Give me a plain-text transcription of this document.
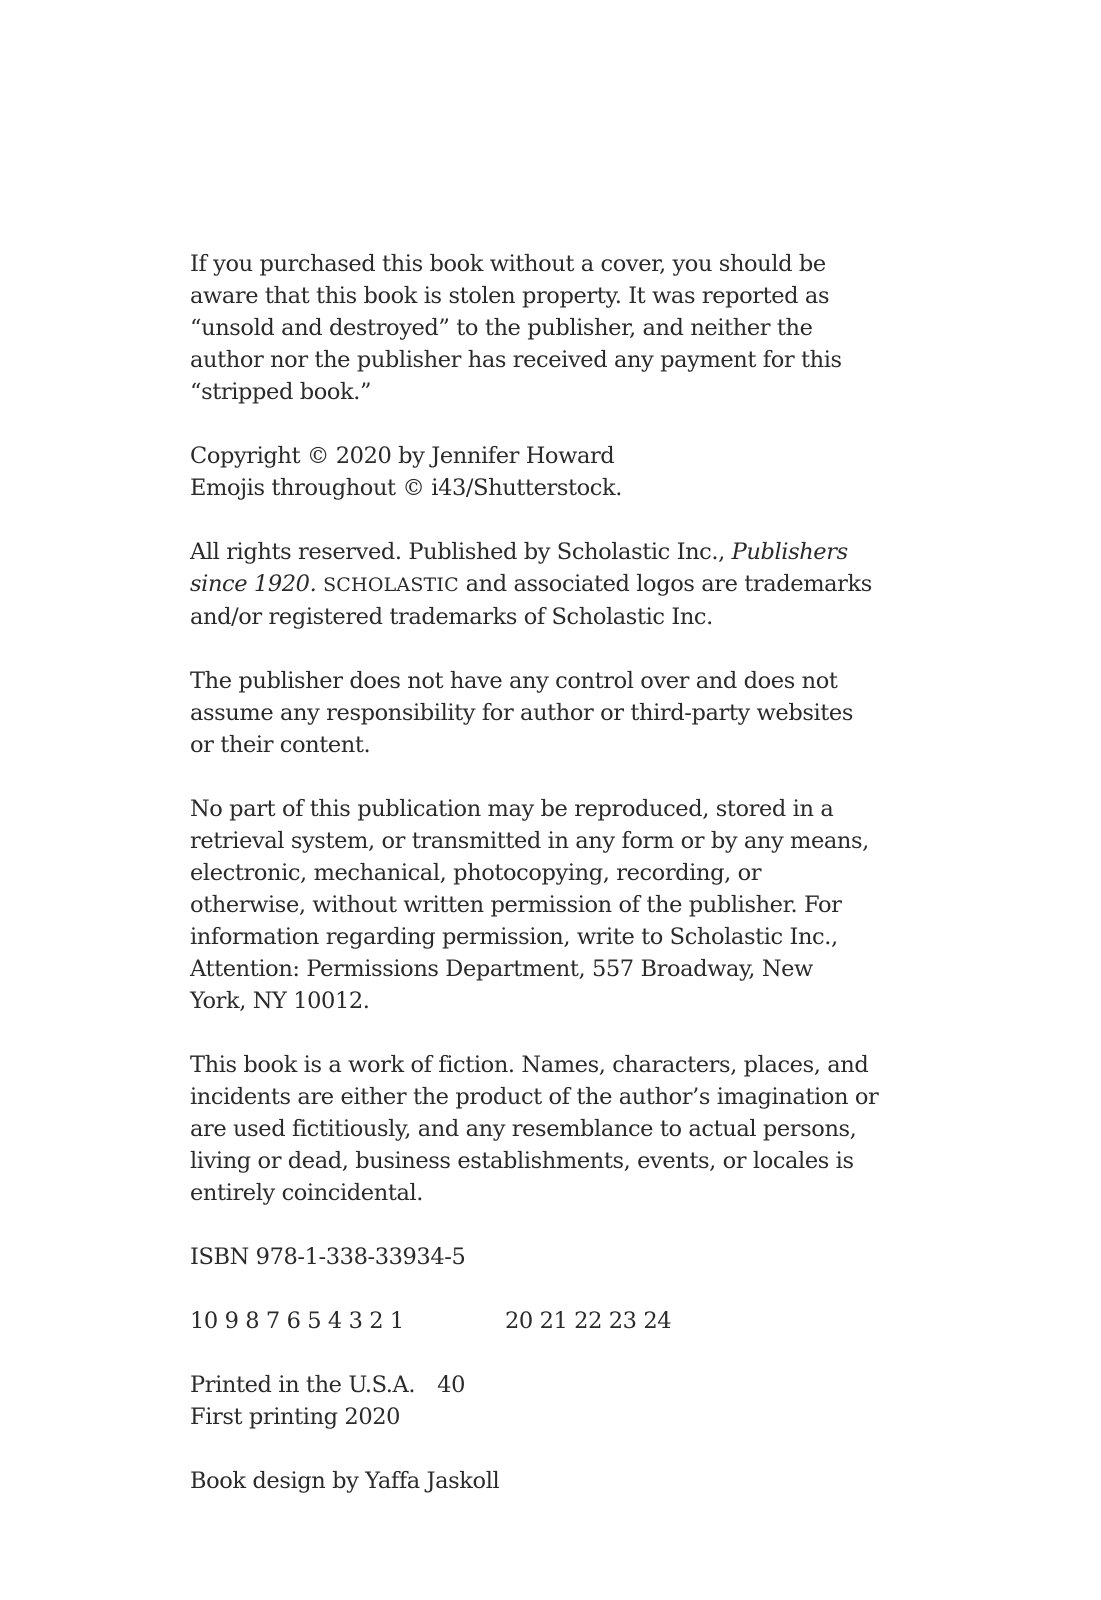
If you purchased this book without a cover, you should be
aware that this book is stolen property. It was reported as
“unsold and destroyed” to the publisher, and neither the
author nor the publisher has received any payment for this
“stripped book.”
Copyright © 2020 by Jennifer Howard
Emojis throughout © i43/Shutterstock.
All rights reserved. Published by Scholastic Inc., Publishers
since 1920. SCHOLASTIC and associated logos are trademarks
and/or registered trademarks of Scholastic Inc.
The publisher does not have any control over and does not
assume any responsibility for author or third-party websites
or their content.
No part of this publication may be reproduced, stored in a
retrieval system, or transmitted in any form or by any means,
electronic, mechanical, photocopying, recording, or
otherwise, without written permission of the publisher. For
information regarding permission, write to Scholastic Inc.,
Attention: Permissions Department, 557 Broadway, New
York, NY 10012.
This book is a work of fiction. Names, characters, places, and
incidents are either the product of the author’s imagination or
are used fictitiously, and any resemblance to actual persons,
living or dead, business establishments, events, or locales is
entirely coincidental.
ISBN 978-1-338-33934-5
10 9 8 7 6 5 4 3 2 1	20 21 22 23 24
Printed in the U.S.A. 40
First printing 2020
Book design by Yaffa Jaskoll
